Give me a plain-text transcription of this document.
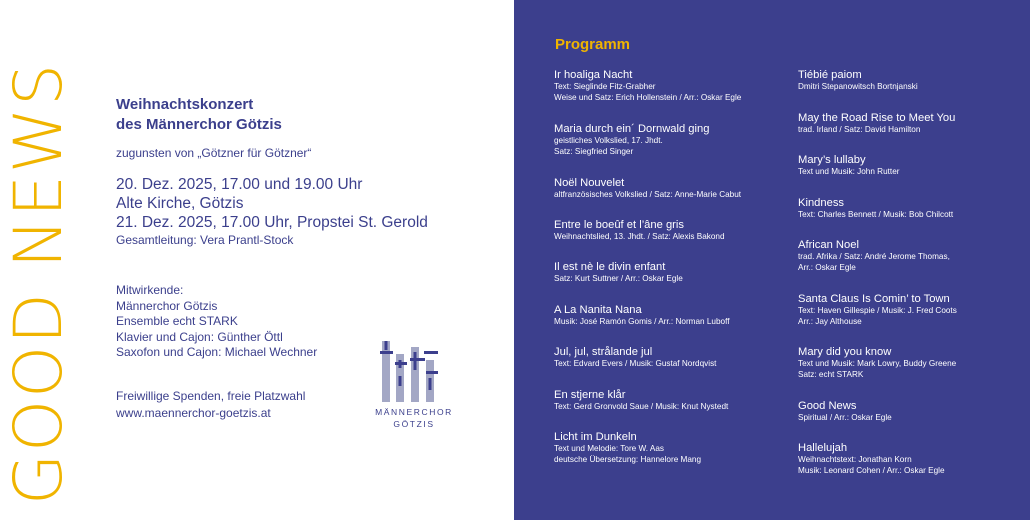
GOOD NEWS	Weihnachtskonzert
des Männerchor Götzis
zugunsten von „Götzner für Götzner“
20. Dez. 2025, 17.00 und 19.00 Uhr
Alte Kirche, Götzis
21. Dez. 2025, 17.00 Uhr, Propstei St. Gerold
Gesamtleitung: Vera Prantl-Stock
Mitwirkende:
Männerchor Götzis
Ensemble echt STARK
Klavier und Cajon: Günther Öttl
Saxofon und Cajon: Michael Wechner
Freiwillige Spenden, freie Platzwahl
www.maennerchor-goetzis.at	MÄNNERCHOR
GÖTZIS
Programm
Ir hoaliga Nacht
Text: Sieglinde Fitz-Grabher
Weise und Satz: Erich Hollenstein / Arr.: Oskar Egle
Maria durch ein´ Dornwald ging
geistliches Volkslied, 17. Jhdt.
Satz: Siegfried Singer
Noël Nouvelet
altfranzösisches Volkslied / Satz: Anne-Marie Cabut
Entre le boeûf et l’âne gris
Weihnachtslied, 13. Jhdt. / Satz: Alexis Bakond
Il est nè le divin enfant
Satz: Kurt Suttner / Arr.: Oskar Egle
A La Nanita Nana
Musik: José Ramón Gomis / Arr.: Norman Luboff
Jul, jul, strålande jul
Text: Edvard Evers / Musik: Gustaf Nordqvist
En stjerne klår
Text: Gerd Gronvold Saue / Musik: Knut Nystedt
Licht im Dunkeln
Text und Melodie: Tore W. Aas
deutsche Übersetzung: Hannelore Mang
Tiébié paiom
Dmitri Stepanowitsch Bortnjanski
May the Road Rise to Meet You
trad. Irland / Satz: David Hamilton
Mary’s lullaby
Text und Musik: John Rutter
Kindness
Text: Charles Bennett / Musik: Bob Chilcott
African Noel
trad. Afrika / Satz: André Jerome Thomas,
Arr.: Oskar Egle
Santa Claus Is Comin’ to Town
Text: Haven Gillespie / Musik: J. Fred Coots
Arr.: Jay Althouse
Mary did you know
Text und Musik: Mark Lowry, Buddy Greene
Satz: echt STARK
Good News
Spiritual / Arr.: Oskar Egle
Hallelujah
Weihnachtstext: Jonathan Korn
Musik: Leonard Cohen / Arr.: Oskar Egle
